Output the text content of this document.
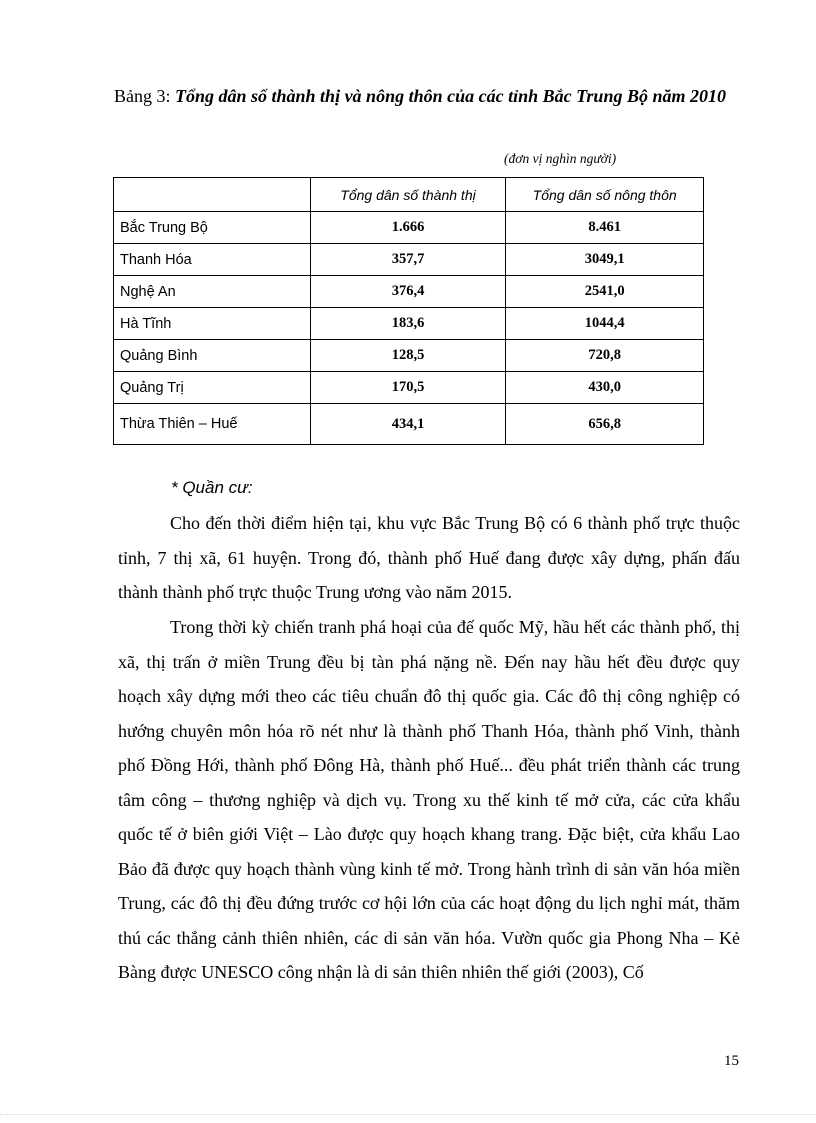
Bảng 3: Tổng dân số thành thị và nông thôn của các tỉnh Bắc Trung Bộ năm 2010
(đơn vị nghìn người)
	Tổng dân số thành thị	Tổng dân số nông thôn
Bắc Trung Bộ	1.666	8.461
Thanh Hóa	357,7	3049,1
Nghệ An	376,4	2541,0
Hà Tĩnh	183,6	1044,4
Quảng Bình	128,5	720,8
Quảng Trị	170,5	430,0
Thừa Thiên – Huế	434,1	656,8
* Quần cư:

Cho đến thời điểm hiện tại, khu vực Bắc Trung Bộ có 6 thành phố trực thuộc tỉnh, 7 thị xã, 61 huyện. Trong đó, thành phố Huế đang được xây dựng, phấn đấu thành thành phố trực thuộc Trung ương vào năm 2015.

Trong thời kỳ chiến tranh phá hoại của đế quốc Mỹ, hầu hết các thành phố, thị xã, thị trấn ở miền Trung đều bị tàn phá nặng nề. Đến nay hầu hết đều được quy hoạch xây dựng mới theo các tiêu chuẩn đô thị quốc gia. Các đô thị công nghiệp có hướng chuyên môn hóa rõ nét như là thành phố Thanh Hóa, thành phố Vinh, thành phố Đồng Hới, thành phố Đông Hà, thành phố Huế... đều phát triển thành các trung tâm công – thương nghiệp và dịch vụ. Trong xu thế kinh tế mở cửa, các cửa khẩu quốc tế ở biên giới Việt – Lào được quy hoạch khang trang. Đặc biệt, cửa khẩu Lao Bảo đã được quy hoạch thành vùng kinh tế mở. Trong hành trình di sản văn hóa miền Trung, các đô thị đều đứng trước cơ hội lớn của các hoạt động du lịch nghỉ mát, thăm thú các thắng cảnh thiên nhiên, các di sản văn hóa. Vườn quốc gia Phong Nha – Kẻ Bàng được UNESCO công nhận là di sản thiên nhiên thế giới (2003), Cố

15
